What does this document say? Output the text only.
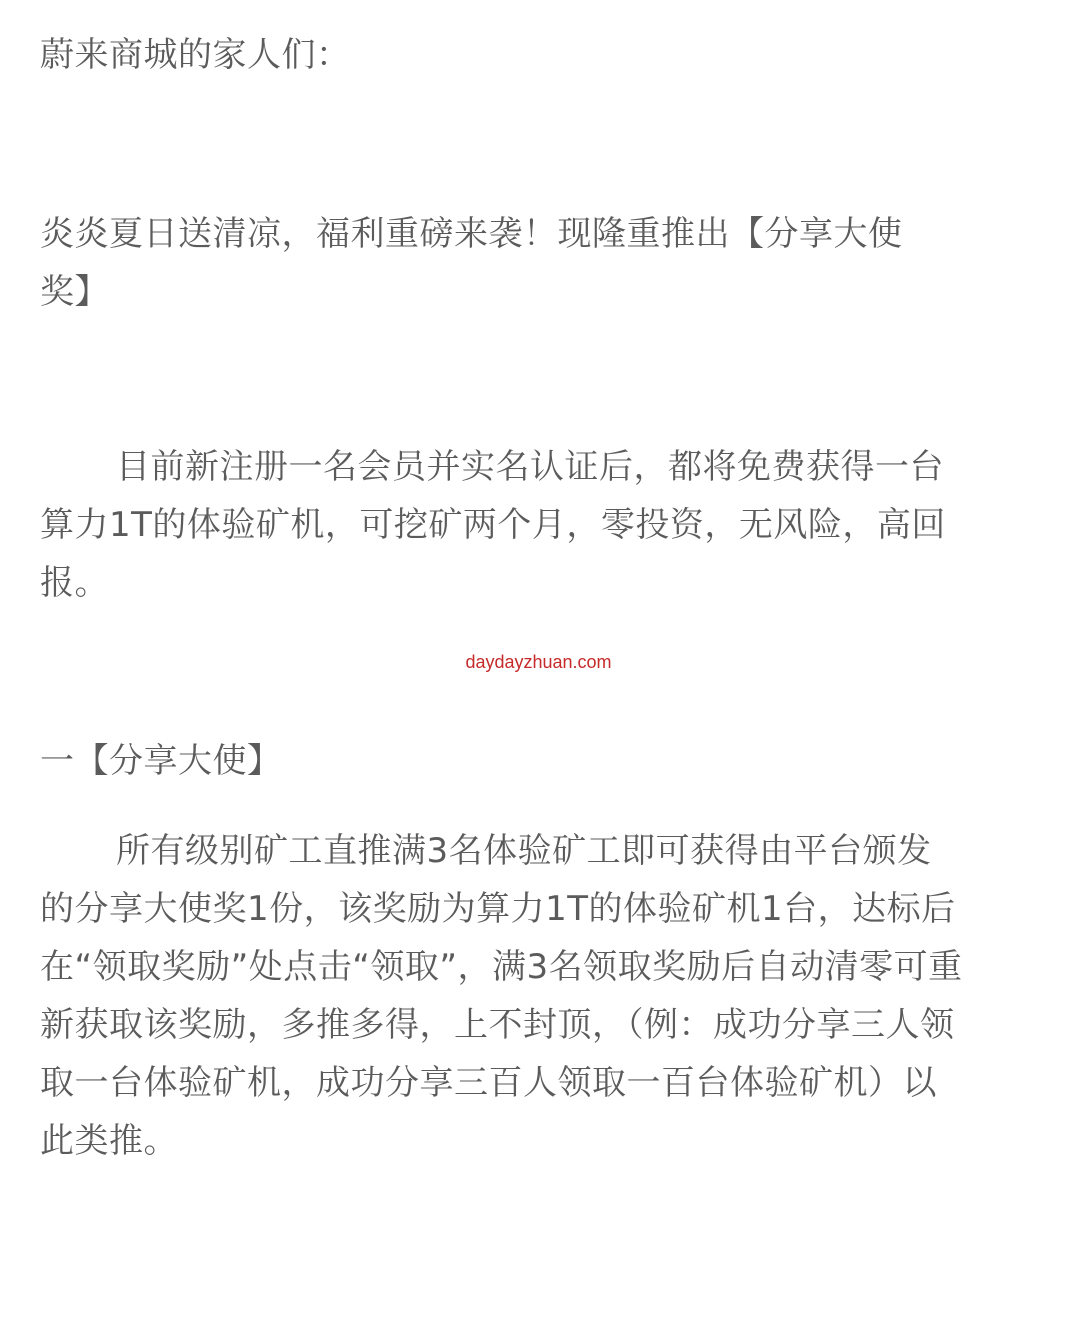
蔚来商城的家人们：
炎炎夏日送清凉，福利重磅来袭！现隆重推出【分享大使
奖】
目前新注册一名会员并实名认证后，都将免费获得一台
算力1T的体验矿机，可挖矿两个月，零投资，无风险，高回
报。
daydayzhuan.com
一【分享大使】
所有级别矿工直推满3名体验矿工即可获得由平台颁发
的分享大使奖1份，该奖励为算力1T的体验矿机1台，达标后
在“领取奖励”处点击“领取”，满3名领取奖励后自动清零可重
新获取该奖励，多推多得，上不封顶，（例：成功分享三人领
取一台体验矿机，成功分享三百人领取一百台体验矿机）以
此类推。
